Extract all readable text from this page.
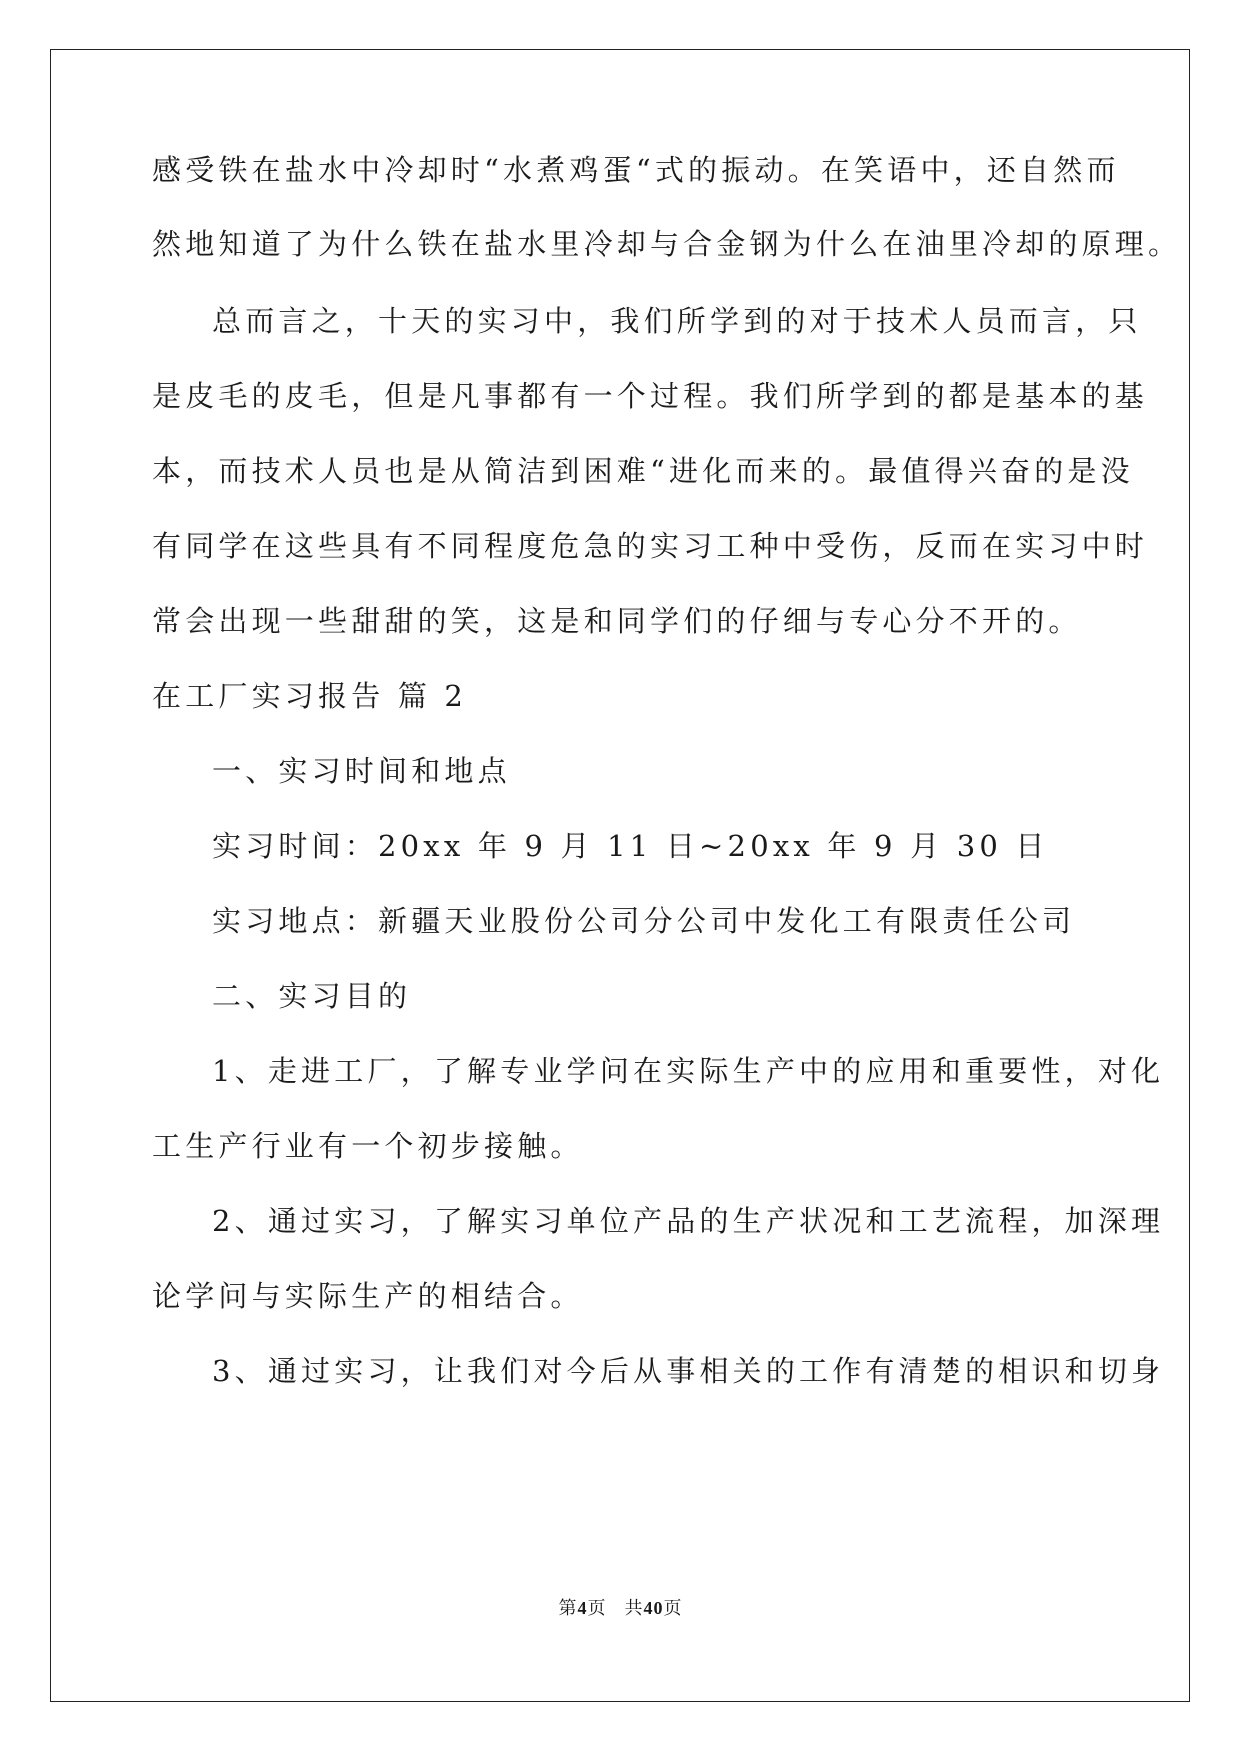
感受铁在盐水中冷却时“水煮鸡蛋“式的振动。在笑语中，还自然而
然地知道了为什么铁在盐水里冷却与合金钢为什么在油里冷却的原理。
总而言之，十天的实习中，我们所学到的对于技术人员而言，只
是皮毛的皮毛，但是凡事都有一个过程。我们所学到的都是基本的基
本，而技术人员也是从简洁到困难“进化而来的。最值得兴奋的是没
有同学在这些具有不同程度危急的实习工种中受伤，反而在实习中时
常会出现一些甜甜的笑，这是和同学们的仔细与专心分不开的。
在工厂实习报告 篇 2
一、实习时间和地点
实习时间：20xx 年 9 月 11 日~20xx 年 9 月 30 日
实习地点：新疆天业股份公司分公司中发化工有限责任公司
二、实习目的
1、走进工厂，了解专业学问在实际生产中的应用和重要性，对化
工生产行业有一个初步接触。
2、通过实习，了解实习单位产品的生产状况和工艺流程，加深理
论学问与实际生产的相结合。
3、通过实习，让我们对今后从事相关的工作有清楚的相识和切身
第4页 共40页
